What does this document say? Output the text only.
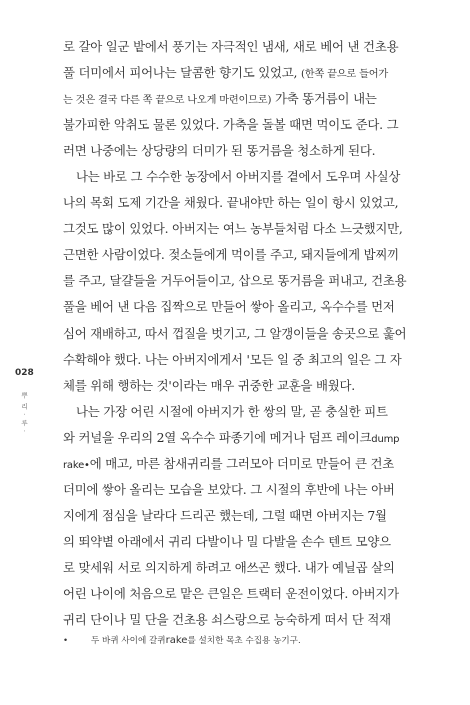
028
뿌 리 · 루 ·
로 갈아 일군 밭에서 풍기는 자극적인 냄새, 새로 베어 낸 건초용
풀 더미에서 피어나는 달콤한 향기도 있었고, (한쪽 끝으로 들어가
는 것은 결국 다른 쪽 끝으로 나오게 마련이므로) 가축 똥거름이 내는
불가피한 악취도 물론 있었다. 가축을 돌볼 때면 먹이도 준다. 그
러면 나중에는 상당량의 더미가 된 똥거름을 청소하게 된다.
나는 바로 그 수수한 농장에서 아버지를 곁에서 도우며 사실상
나의 목회 도제 기간을 채웠다. 끝내야만 하는 일이 항시 있었고,
그것도 많이 있었다. 아버지는 여느 농부들처럼 다소 느긋했지만,
근면한 사람이었다. 젖소들에게 먹이를 주고, 돼지들에게 밥찌끼
를 주고, 달걀들을 거두어들이고, 삽으로 똥거름을 퍼내고, 건초용
풀을 베어 낸 다음 집짝으로 만들어 쌓아 올리고, 옥수수를 먼저
심어 재배하고, 따서 껍질을 벗기고, 그 알갱이들을 송곳으로 훑어
수확해야 했다. 나는 아버지에게서 '모든 일 중 최고의 일은 그 자
체를 위해 행하는 것'이라는 매우 귀중한 교훈을 배웠다.
나는 가장 어린 시절에 아버지가 한 쌍의 말, 곧 충실한 피트
와 커널을 우리의 2열 옥수수 파종기에 메거나 덤프 레이크dump
rake•에 매고, 마른 참새귀리를 그러모아 더미로 만들어 큰 건초
더미에 쌓아 올리는 모습을 보았다. 그 시절의 후반에 나는 아버
지에게 점심을 날라다 드리곤 했는데, 그럴 때면 아버지는 7월
의 뙤약볕 아래에서 귀리 다발이나 밀 다발을 손수 텐트 모양으
로 맞세워 서로 의지하게 하려고 애쓰곤 했다. 내가 예닐곱 살의
어린 나이에 처음으로 맡은 큰일은 트랙터 운전이었다. 아버지가
귀리 단이나 밀 단을 건초용 쇠스랑으로 능숙하게 떠서 단 적재
•	두 바퀴 사이에 갈퀴rake를 설치한 목초 수집용 농기구.
